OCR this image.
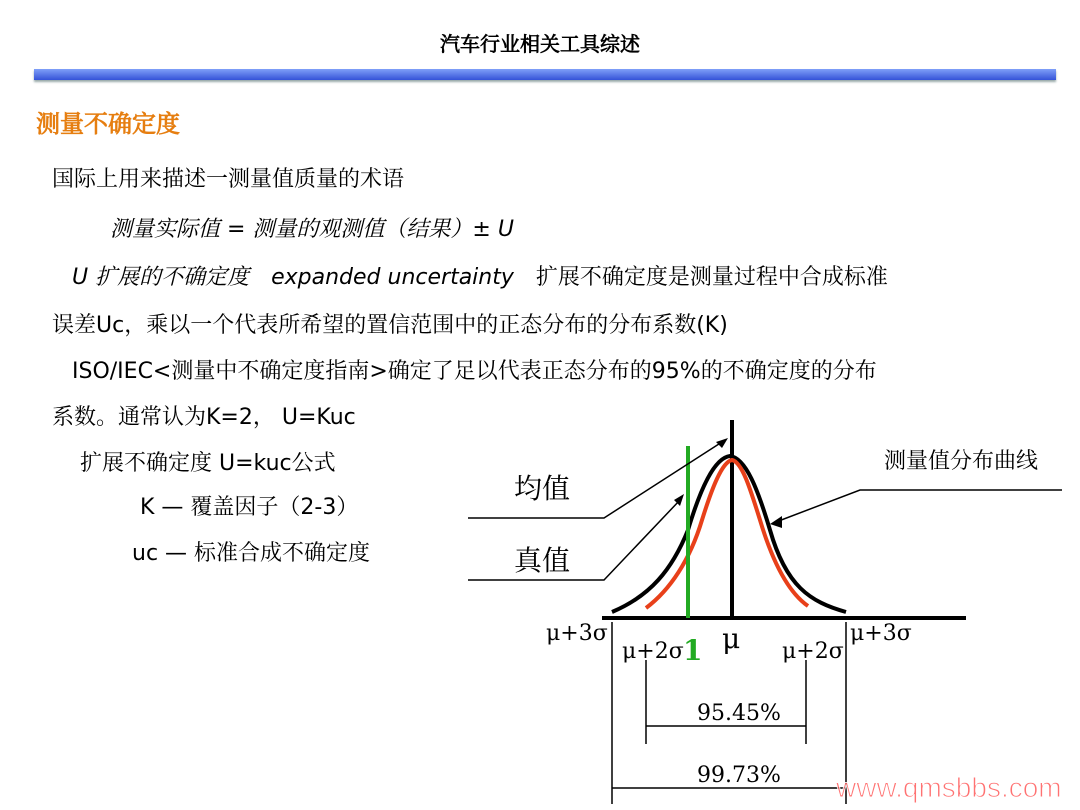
汽车行业相关工具综述
测量不确定度
国际上用来描述一测量值质量的术语
测量实际值 = 测量的观测值（结果）± U
U 扩展的不确定度 expanded uncertainty 扩展不确定度是测量过程中合成标准
误差Uc，乘以一个代表所希望的置信范围中的正态分布的分布系数(K)
ISO/IEC<测量中不确定度指南>确定了足以代表正态分布的95%的不确定度的分布
系数。通常认为K=2， U=Kuc
扩展不确定度 U=kuc公式
K — 覆盖因子（2-3）
uc — 标准合成不确定度
均值
真值
测量值分布曲线
μ+3σ
μ+2σ 1 μ μ+2σ
μ+3σ
95.45%
99.73% www.qmsbbs.com
